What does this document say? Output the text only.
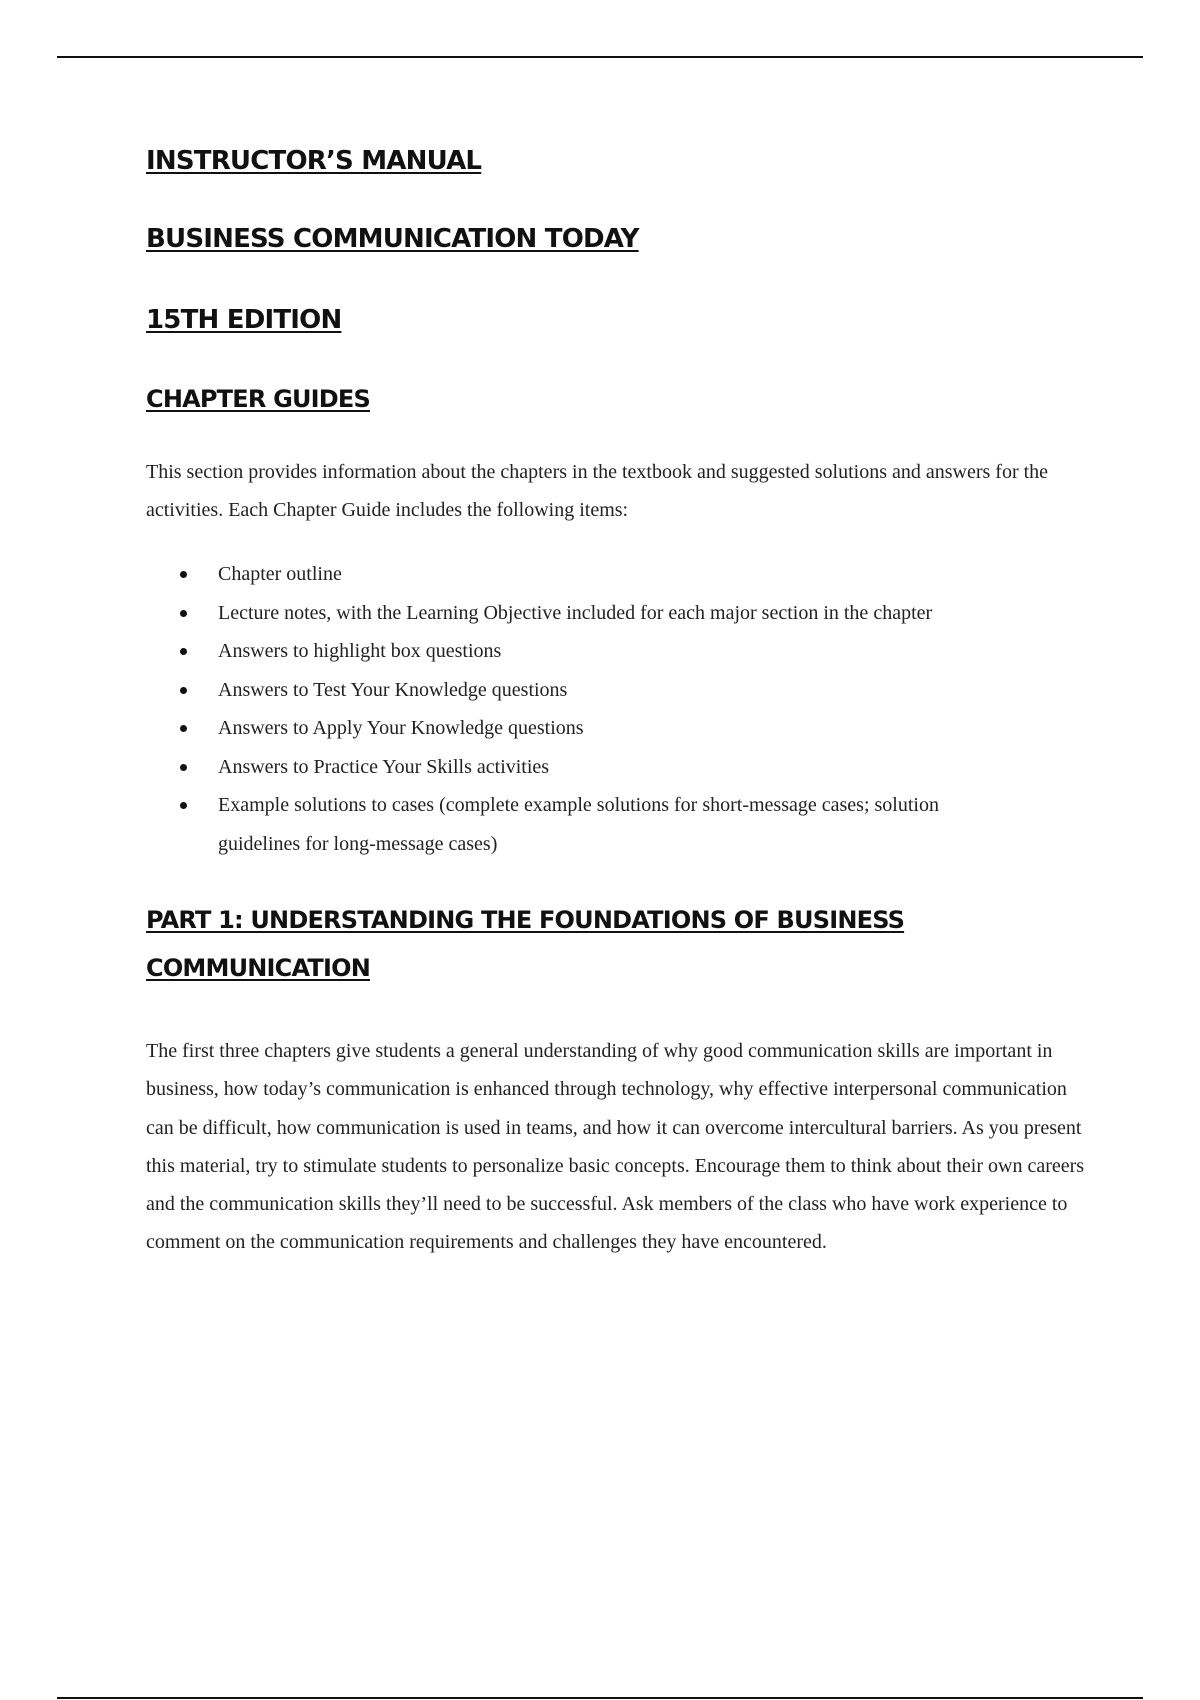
INSTRUCTOR’S MANUAL
BUSINESS COMMUNICATION TODAY
15TH EDITION
CHAPTER GUIDES

This section provides information about the chapters in the textbook and suggested solutions and answers for the activities. Each Chapter Guide includes the following items:

Chapter outline
Lecture notes, with the Learning Objective included for each major section in the chapter
Answers to highlight box questions
Answers to Test Your Knowledge questions
Answers to Apply Your Knowledge questions
Answers to Practice Your Skills activities
Example solutions to cases (complete example solutions for short-message cases; solution guidelines for long-message cases)
PART 1: UNDERSTANDING THE FOUNDATIONS OF BUSINESS COMMUNICATION

The first three chapters give students a general understanding of why good communication skills are important in business, how today’s communication is enhanced through technology, why effective interpersonal communication can be difficult, how communication is used in teams, and how it can overcome intercultural barriers. As you present this material, try to stimulate students to personalize basic concepts. Encourage them to think about their own careers and the communication skills they’ll need to be successful. Ask members of the class who have work experience to comment on the communication requirements and challenges they have encountered.
